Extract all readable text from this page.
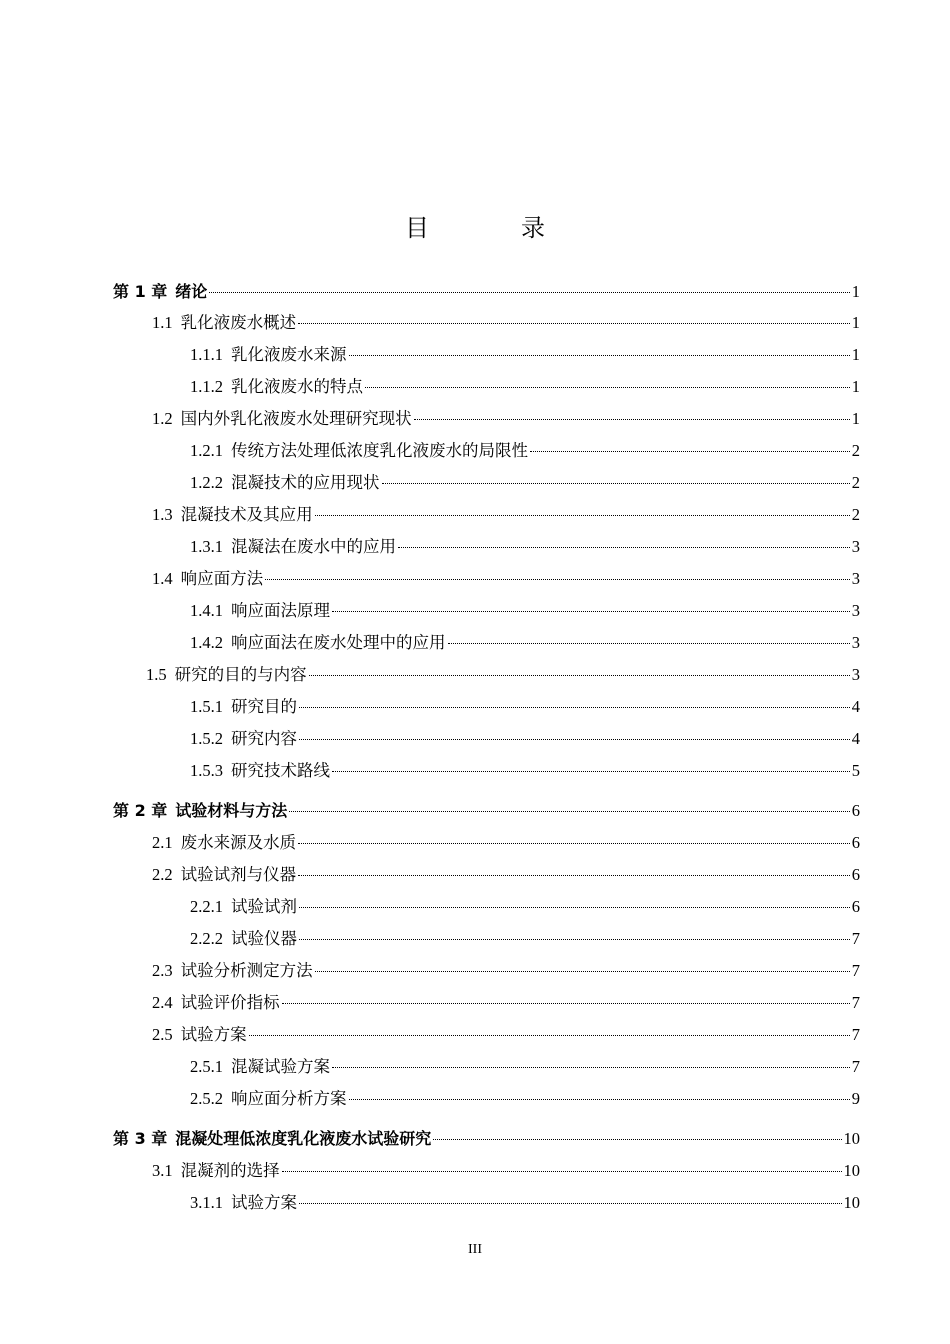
目 录
第 1 章 绪论	1
1.1 乳化液废水概述	1
1.1.1 乳化液废水来源	1
1.1.2 乳化液废水的特点	1
1.2 国内外乳化液废水处理研究现状	1
1.2.1 传统方法处理低浓度乳化液废水的局限性	2
1.2.2 混凝技术的应用现状	2
1.3 混凝技术及其应用	2
1.3.1 混凝法在废水中的应用	3
1.4 响应面方法	3
1.4.1 响应面法原理	3
1.4.2 响应面法在废水处理中的应用	3
1.5 研究的目的与内容	3
1.5.1 研究目的	4
1.5.2 研究内容	4
1.5.3 研究技术路线	5
第 2 章 试验材料与方法	6
2.1 废水来源及水质	6
2.2 试验试剂与仪器	6
2.2.1 试验试剂	6
2.2.2 试验仪器	7
2.3 试验分析测定方法	7
2.4 试验评价指标	7
2.5 试验方案	7
2.5.1 混凝试验方案	7
2.5.2 响应面分析方案	9
第 3 章 混凝处理低浓度乳化液废水试验研究	10
3.1 混凝剂的选择	10
3.1.1 试验方案	10
III
